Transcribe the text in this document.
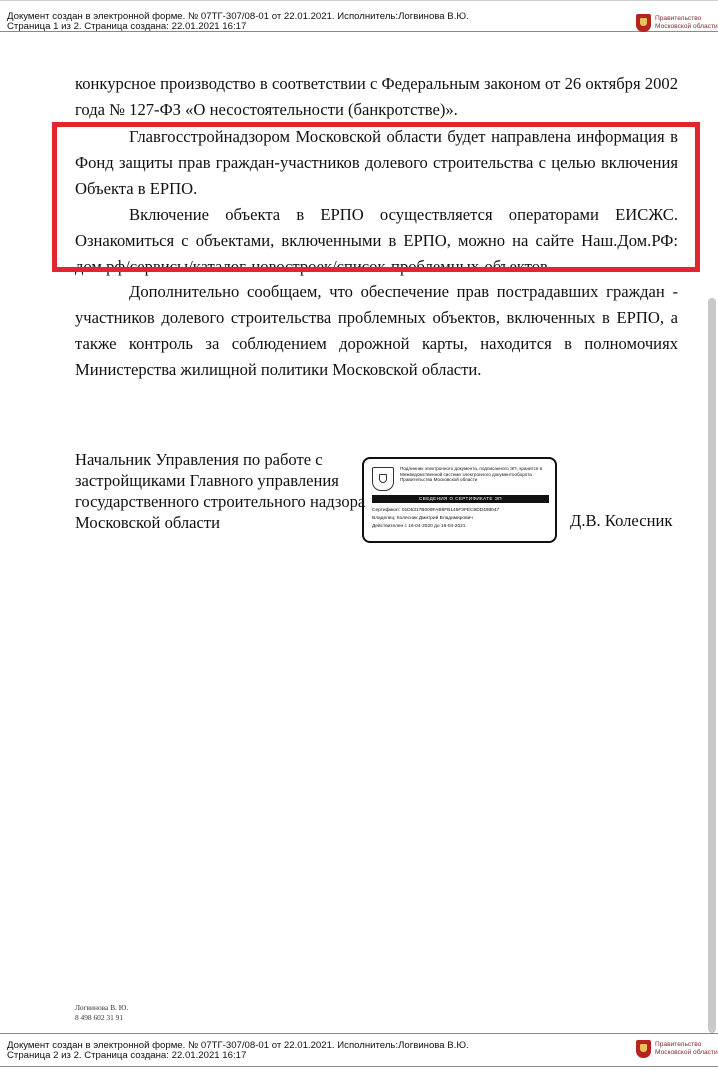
Документ создан в электронной форме. № 07ТГ-307/08-01 от 22.01.2021. Исполнитель:Логвинова В.Ю.
Страница 1 из 2. Страница создана: 22.01.2021 16:17
Правительство
Московской области

конкурсное производство в соответствии с Федеральным законом от 26 октября 2002 года № 127-ФЗ «О несостоятельности (банкротстве)».

Главгосстройнадзором Московской области будет направлена информация в Фонд защиты прав граждан-участников долевого строительства с целью включения Объекта в ЕРПО.

Включение объекта в ЕРПО осуществляется операторами ЕИСЖС. Ознакомиться с объектами, включенными в ЕРПО, можно на сайте Наш.Дом.РФ: дом.рф/сервисы/каталог-новостроек/список-проблемных-объектов.

Дополнительно сообщаем, что обеспечение прав пострадавших граждан - участников долевого строительства проблемных объектов, включенных в ЕРПО, а также контроль за соблюдением дорожной карты, находится в полномочиях Министерства жилищной политики Московской области.

Начальник Управления по работе с застройщиками Главного управления государственного строительного надзора Московской области

Подлинник электронного документа, подписанного ЭП, хранится в Межведомственной системе электронного документооборота Правительства Московской области
СВЕДЕНИЯ О СЕРТИФИКАТЕ ЭП
Сертификат: 01D5317B009FAB6FB145F3FEC9DD498047
Владелец: Колесник Дмитрий Владимирович
Действителен с 16-04-2020 до 16-04-2021	Д.В. Колесник
Логвинова В. Ю.
8 498 602 31 91
Документ создан в электронной форме. № 07ТГ-307/08-01 от 22.01.2021. Исполнитель:Логвинова В.Ю.
Страница 2 из 2. Страница создана: 22.01.2021 16:17
Правительство
Московской области
